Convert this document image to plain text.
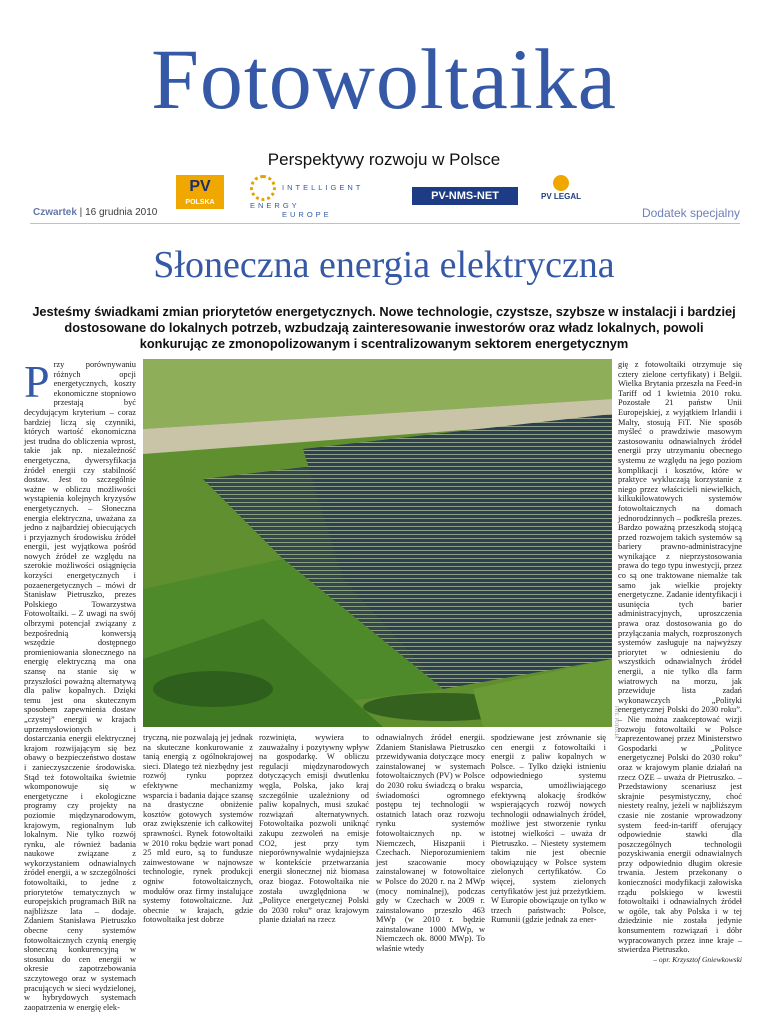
Fotowoltaika
Perspektywy rozwoju w Polsce
PV
POLSKA
INTELLIGENT ENERGY
EUROPE
PV-NMS-NET	PV LEGAL
Czwartek | 16 grudnia 2010	Dodatek specjalny
Słoneczna energia elektryczna
Jesteśmy świadkami zmian priorytetów energetycznych. Nowe technologie, czystsze, szybsze w instalacji i bardziej dostosowane do lokalnych potrzeb, wzbudzają zainteresowanie inwestorów oraz władz lokalnych, powoli konkurując ze zmonopolizowanym i scentralizowanym sektorem energetycznym
P rzy porównywaniu różnych opcji energetycznych, koszty ekonomiczne stopniowo przestają być decydującym kryterium – coraz bardziej liczą się czynniki, których wartość ekonomiczna jest trudna do obliczenia wprost, takie jak np. niezależność energetyczna, dywersyfikacja źródeł energii czy stabilność dostaw. Jest to szczególnie ważne w obliczu możliwości wystąpienia kolejnych kryzysów energetycznych. – Słoneczna energia elektryczna, uważana za jedno z najbardziej obiecujących i przyjaznych środowisku źródeł energii, jest wyjątkowa pośród nowych źródeł ze względu na szerokie możliwości osiągnięcia korzyści energetycznych i pozaenergetycznych – mówi dr Stanisław Pietruszko, prezes Polskiego Towarzystwa Fotowoltaiki. – Z uwagi na swój olbrzymi potencjał związany z bezpośrednią konwersją wszędzie dostępnego promieniowania słonecznego na energię elektryczną ma ona szansę na stanie się w przyszłości poważną alternatywą dla paliw kopalnych. Dzięki temu jest ona skutecznym sposobem zapewnienia dostaw „czystej” energii w krajach uprzemysłowionych i dostarczania energii elektrycznej krajom rozwijającym się bez obawy o bezpieczeństwo dostaw i zanieczyszczenie środowiska. Stąd też fotowoltaika świetnie wkomponowuje się w energetyczne i ekologiczne programy czy projekty na poziomie międzynarodowym, krajowym, regionalnym lub lokalnym. Nie tylko rozwój rynku, ale również badania naukowe związane z wykorzystaniem odnawialnych źródeł energii, a w szczególności fotowoltaiki, to jedne z priorytetów tematycznych w europejskich programach BiR na najbliższe lata – dodaje. Zdaniem Stanisława Pietruszko obecne ceny systemów fotowoltaicznych czynią energię słoneczną konkurencyjną w stosunku do cen energii w okresie zapotrzebowania szczytowego oraz w systemach pracujących w sieci wydzielonej, w hybrydowych systemach zaopatrzenia w energię elek-

FOT. FOTOLIA

tryczną, nie pozwalają jej jednak na skuteczne konkurowanie z tanią energią z ogólnokrajowej sieci. Dlatego też niezbędny jest rozwój rynku poprzez efektywne mechanizmy wsparcia i badania dające szansę na drastyczne obniżenie kosztów gotowych systemów oraz zwiększenie ich całkowitej sprawności. Rynek fotowoltaiki w 2010 roku będzie wart ponad 25 mld euro, są to fundusze zainwestowane w najnowsze technologie, rynek produkcji ogniw fotowoltaicznych, modułów oraz firmy instalujące systemy fotowoltaiczne. Już obecnie w krajach, gdzie fotowoltaika jest dobrze

rozwinięta, wywiera to zauważalny i pozytywny wpływ na gospodarkę. W obliczu regulacji międzynarodowych dotyczących emisji dwutlenku węgla, Polska, jako kraj szczególnie uzależniony od paliw kopalnych, musi szukać rozwiązań alternatywnych. Fotowoltaika pozwoli uniknąć zakupu zezwoleń na emisje CO2, jest przy tym nieporównywalnie wydajniejsza w kontekście przetwarzania energii słonecznej niż biomasa oraz biogaz. Fotowoltaika nie została uwzględniona w „Polityce energetycznej Polski do 2030 roku” oraz krajowym planie działań na rzecz

odnawialnych źródeł energii. Zdaniem Stanisława Pietruszko przewidywania dotyczące mocy zainstalowanej w systemach fotowoltaicznych (PV) w Polsce do 2030 roku świadczą o braku świadomości ogromnego postępu tej technologii w ostatnich latach oraz rozwoju rynku systemów fotowoltaicznych np. w Niemczech, Hiszpanii i Czechach. Nieporozumieniem jest szacowanie mocy zainstalowanej w fotowoltaice w Polsce do 2020 r. na 2 MWp (mocy nominalnej), podczas gdy w Czechach w 2009 r. zainstalowano przeszło 463 MWp (w 2010 r. będzie zainstalowane 1000 MWp, w Niemczech ok. 8000 MWp). To właśnie wtedy

spodziewane jest zrównanie się cen energii z fotowoltaiki i energii z paliw kopalnych w Polsce. – Tylko dzięki istnieniu odpowiedniego systemu wsparcia, umożliwiającego efektywną alokację środków wspierających rozwój nowych technologii odnawialnych źródeł, możliwe jest stworzenie rynku istotnej wielkości – uważa dr Pietruszko. – Niestety systemem takim nie jest obecnie obowiązujący w Polsce system zielonych certyfikatów. Co więcej, system zielonych certyfikatów jest już przeżytkiem. W Europie obowiązuje on tylko w trzech państwach: Polsce, Rumunii (gdzie jednak za ener-

gię z fotowoltaiki otrzymuje się cztery zielone certyfikaty) i Belgii. Wielka Brytania przeszła na Feed-in Tariff od 1 kwietnia 2010 roku. Pozostałe 21 państw Unii Europejskiej, z wyjątkiem Irlandii i Malty, stosują FiT. Nie sposób myśleć o prawdziwie masowym zastosowaniu odnawialnych źródeł energii przy utrzymaniu obecnego systemu ze względu na jego poziom komplikacji i kosztów, które w praktyce wykluczają korzystanie z niego przez właścicieli niewielkich, kilkukilowatowych systemów fotowoltaicznych na domach jednorodzinnych – podkreśla prezes. Bardzo poważną przeszkodą stojącą przed rozwojem takich systemów są bariery prawno-administracyjne wynikające z nieprzystosowania prawa do tego typu inwestycji, przez co są one traktowane niemalże tak samo jak wielkie projekty energetyczne. Zadanie identyfikacji i usunięcia tych barier administracyjnych, uproszczenia prawa oraz dostosowania go do przyłączania małych, rozproszonych systemów zasługuje na najwyższy priorytet w odniesieniu do wszystkich odnawialnych źródeł energii, a nie tylko dla farm wiatrowych na morzu, jak przewiduje lista zadań wykonawczych „Polityki energetycznej Polski do 2030 roku”. – Nie można zaakceptować wizji rozwoju fotowoltaiki w Polsce zaprezentowanej przez Ministerstwo Gospodarki w „Polityce energetycznej Polski do 2030 roku” oraz w krajowym planie działań na rzecz OZE – uważa dr Pietruszko. – Przedstawiony scenariusz jest skrajnie pesymistyczny, choć niestety realny, jeżeli w najbliższym czasie nie zostanie wprowadzony system feed-in-tariff oferujący odpowiednie stawki dla poszczególnych technologii pozyskiwania energii odnawialnych przy odpowiednio długim okresie trwania. Jestem przekonany o konieczności modyfikacji załowiska rządu polskiego w kwestii fotowoltaiki i odnawialnych źródeł w ogóle, tak aby Polska i w tej dziedzinie nie została jedynie konsumentem rozwiązań i dóbr wypracowanych przez inne kraje – stwierdza Pietruszko.

– opr. Krzysztof Gniewkowski
